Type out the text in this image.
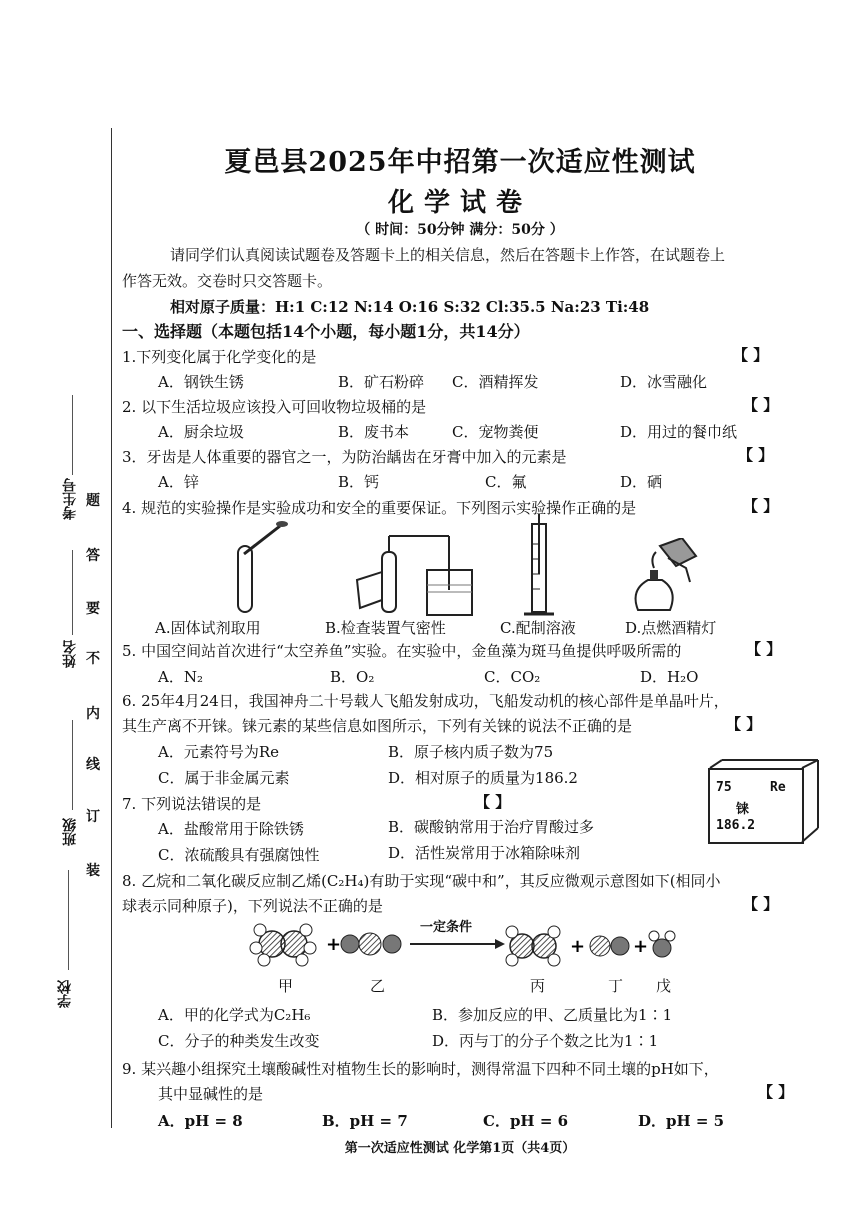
考生号
姓名
班级
学校
题
答
要
不
内
线
订
装
夏邑县2025年中招第一次适应性测试
化学试卷
（ 时间：50分钟 满分：50分 ）
请同学们认真阅读试题卷及答题卡上的相关信息，然后在答题卡上作答，在试题卷上
作答无效。交卷时只交答题卡。
相对原子质量：H:1 C:12 N:14 O:16 S:32 Cl:35.5 Na:23 Ti:48
一、选择题（本题包括14个小题，每小题1分，共14分）
1.下列变化属于化学变化的是	【 】
A．钢铁生锈	B．矿石粉碎 C．酒精挥发	D．冰雪融化
2. 以下生活垃圾应该投入可回收物垃圾桶的是	【 】
A．厨余垃圾	B．废书本	C．宠物粪便	D．用过的餐巾纸
3．牙齿是人体重要的器官之一，为防治龋齿在牙膏中加入的元素是	【 】
A．锌	B．钙	C．氟	D．硒
4. 规范的实验操作是实验成功和安全的重要保证。下列图示实验操作正确的是	【 】
A.固体试剂取用	B.检查装置气密性	C.配制溶液	D.点燃酒精灯
5. 中国空间站首次进行“太空养鱼”实验。在实验中，金鱼藻为斑马鱼提供呼吸所需的	【 】
A．N₂	B．O₂	C．CO₂	D．H₂O
6. 25年4月24日，我国神舟二十号载人飞船发射成功，飞船发动机的核心部件是单晶叶片，
其生产离不开铼。铼元素的某些信息如图所示，下列有关铼的说法不正确的是	【 】
A．元素符号为Re	B．原子核内质子数为75
C．属于非金属元素	D．相对原子的质量为186.2
75	Re
铼
186.2
7. 下列说法错误的是	【 】
A．盐酸常用于除铁锈	B．碳酸钠常用于治疗胃酸过多
C．浓硫酸具有强腐蚀性	D．活性炭常用于冰箱除味剂
8. 乙烷和二氧化碳反应制乙烯(C₂H₄)有助于实现“碳中和”，其反应微观示意图如下(相同小
球表示同种原子)，下列说法不正确的是	【 】
+	+	+
一定条件
甲	乙	丙	丁 戊
A．甲的化学式为C₂H₆	B．参加反应的甲、乙质量比为1∶1
C．分子的种类发生改变	D．丙与丁的分子个数之比为1∶1
9. 某兴趣小组探究土壤酸碱性对植物生长的影响时，测得常温下四种不同土壤的pH如下，
其中显碱性的是	【 】
A．pH = 8	B．pH = 7	C．pH = 6	D．pH = 5
第一次适应性测试 化学第1页（共4页）
